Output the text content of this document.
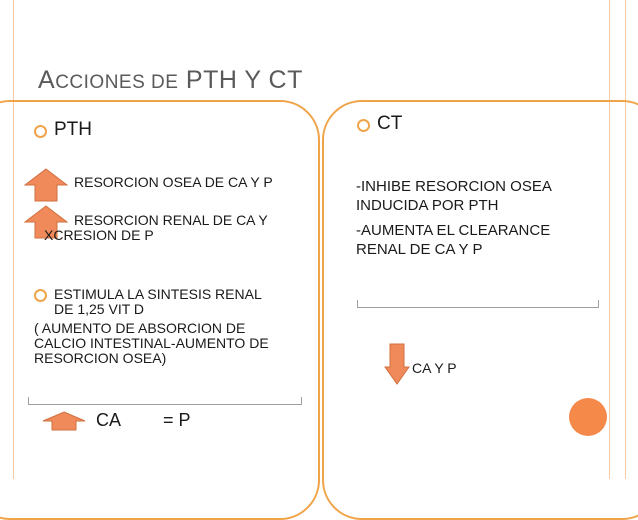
ACCIONES DE PTH Y CT
PTH
RESORCION OSEA DE CA Y P
RESORCION RENAL DE CA Y
XCRESION DE P
ESTIMULA LA SINTESIS RENAL
DE 1,25 VIT D
( AUMENTO DE ABSORCION DE
CALCIO INTESTINAL-AUMENTO DE
RESORCION OSEA)
CA = P
CT
-INHIBE RESORCION OSEA
INDUCIDA POR PTH
-AUMENTA EL CLEARANCE
RENAL DE CA Y P
CA Y P
